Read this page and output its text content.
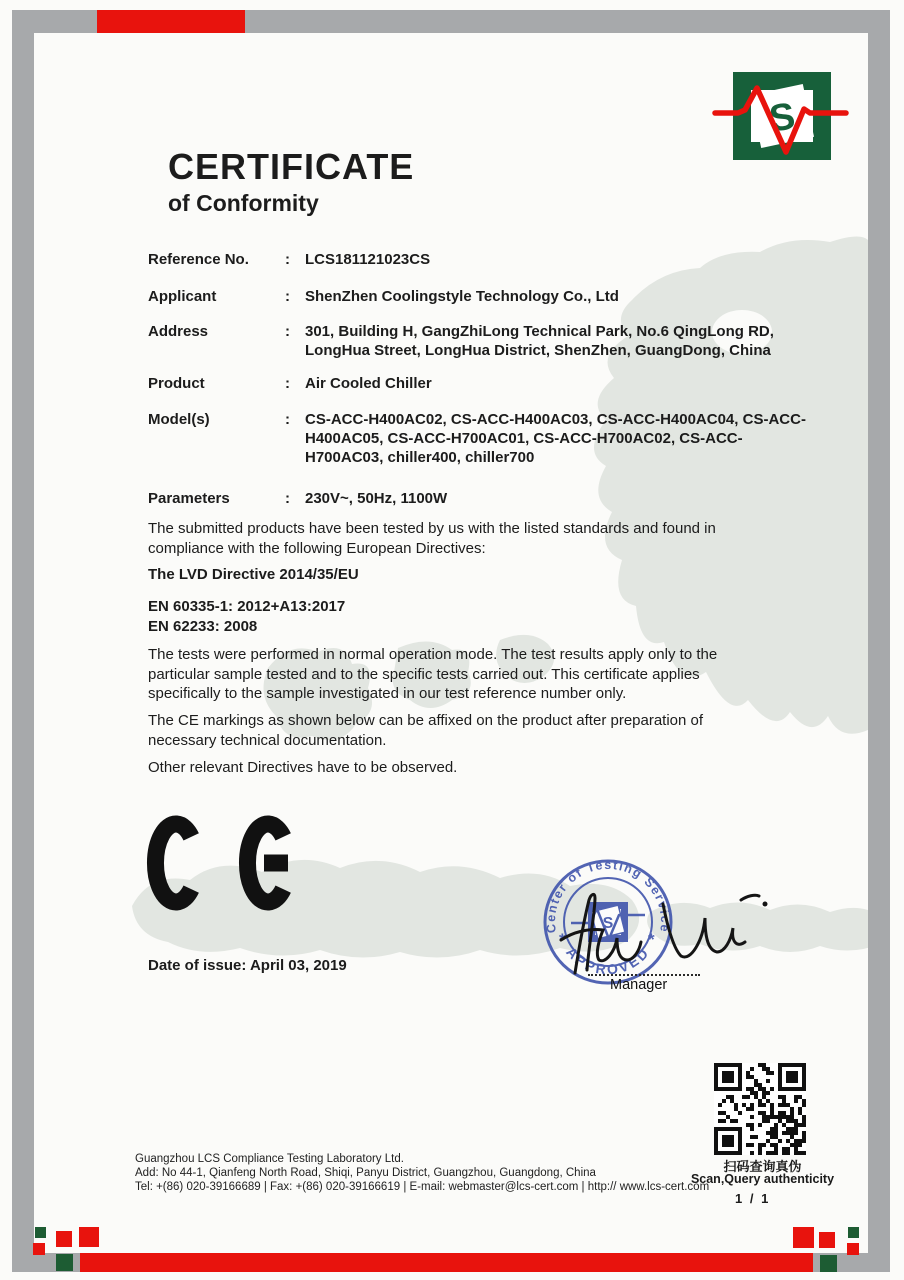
S
CERTIFICATE
of Conformity
Reference No.	:	LCS181121023CS
Applicant	:	ShenZhen Coolingstyle Technology Co., Ltd
Address	:	301, Building H, GangZhiLong Technical Park, No.6 QingLong RD, LongHua Street, LongHua District, ShenZhen, GuangDong, China
Product	:	Air Cooled Chiller
Model(s)	:	CS-ACC-H400AC02, CS-ACC-H400AC03, CS-ACC-H400AC04, CS-ACC-H400AC05, CS-ACC-H700AC01, CS-ACC-H700AC02, CS-ACC-H700AC03, chiller400, chiller700
Parameters	:	230V~, 50Hz, 1100W
The submitted products have been tested by us with the listed standards and found in compliance with the following European Directives:
The LVD Directive 2014/35/EU
EN 60335-1: 2012+A13:2017
EN 62233: 2008
The tests were performed in normal operation mode. The test results apply only to the particular sample tested and to the specific tests carried out. This certificate applies specifically to the sample investigated in our test reference number only.
The CE markings as shown below can be affixed on the product after preparation of necessary technical documentation.
Other relevant Directives have to be observed.
Date of issue: April 03, 2019
Center of Testing Service
APPROVED
*	*
S
Manager
Guangzhou LCS Compliance Testing Laboratory Ltd.
Add: No 44-1, Qianfeng North Road, Shiqi, Panyu District, Guangzhou, Guangdong, China
Tel: +(86) 020-39166689 | Fax: +(86) 020-39166619 | E-mail: webmaster@lcs-cert.com | http:// www.lcs-cert.com
扫码查询真伪
Scan,Query authenticity
1 / 1
